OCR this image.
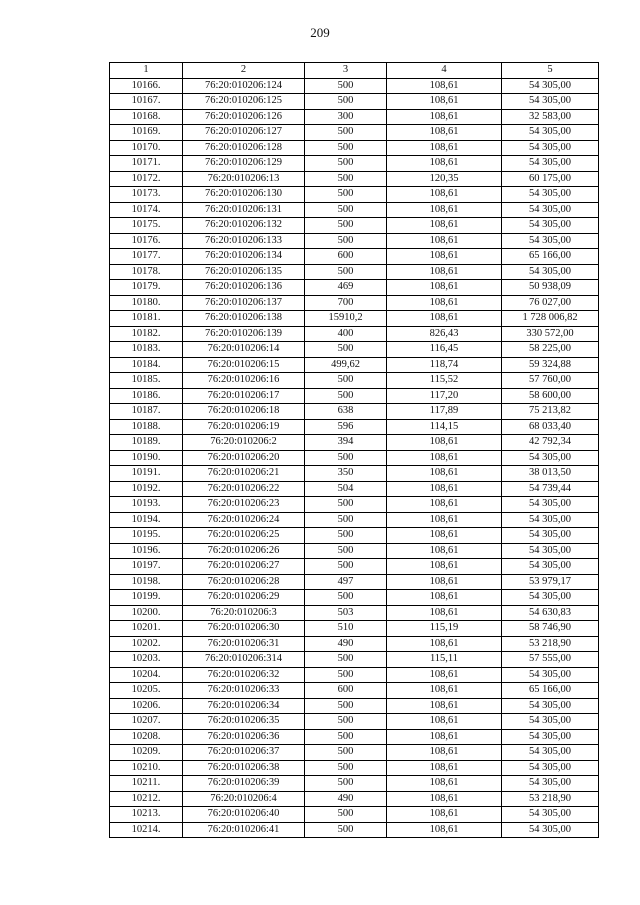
209
1	2	3	4	5
10166.	76:20:010206:124	500	108,61	54 305,00
10167.	76:20:010206:125	500	108,61	54 305,00
10168.	76:20:010206:126	300	108,61	32 583,00
10169.	76:20:010206:127	500	108,61	54 305,00
10170.	76:20:010206:128	500	108,61	54 305,00
10171.	76:20:010206:129	500	108,61	54 305,00
10172.	76:20:010206:13	500	120,35	60 175,00
10173.	76:20:010206:130	500	108,61	54 305,00
10174.	76:20:010206:131	500	108,61	54 305,00
10175.	76:20:010206:132	500	108,61	54 305,00
10176.	76:20:010206:133	500	108,61	54 305,00
10177.	76:20:010206:134	600	108,61	65 166,00
10178.	76:20:010206:135	500	108,61	54 305,00
10179.	76:20:010206:136	469	108,61	50 938,09
10180.	76:20:010206:137	700	108,61	76 027,00
10181.	76:20:010206:138	15910,2	108,61	1 728 006,82
10182.	76:20:010206:139	400	826,43	330 572,00
10183.	76:20:010206:14	500	116,45	58 225,00
10184.	76:20:010206:15	499,62	118,74	59 324,88
10185.	76:20:010206:16	500	115,52	57 760,00
10186.	76:20:010206:17	500	117,20	58 600,00
10187.	76:20:010206:18	638	117,89	75 213,82
10188.	76:20:010206:19	596	114,15	68 033,40
10189.	76:20:010206:2	394	108,61	42 792,34
10190.	76:20:010206:20	500	108,61	54 305,00
10191.	76:20:010206:21	350	108,61	38 013,50
10192.	76:20:010206:22	504	108,61	54 739,44
10193.	76:20:010206:23	500	108,61	54 305,00
10194.	76:20:010206:24	500	108,61	54 305,00
10195.	76:20:010206:25	500	108,61	54 305,00
10196.	76:20:010206:26	500	108,61	54 305,00
10197.	76:20:010206:27	500	108,61	54 305,00
10198.	76:20:010206:28	497	108,61	53 979,17
10199.	76:20:010206:29	500	108,61	54 305,00
10200.	76:20:010206:3	503	108,61	54 630,83
10201.	76:20:010206:30	510	115,19	58 746,90
10202.	76:20:010206:31	490	108,61	53 218,90
10203.	76:20:010206:314	500	115,11	57 555,00
10204.	76:20:010206:32	500	108,61	54 305,00
10205.	76:20:010206:33	600	108,61	65 166,00
10206.	76:20:010206:34	500	108,61	54 305,00
10207.	76:20:010206:35	500	108,61	54 305,00
10208.	76:20:010206:36	500	108,61	54 305,00
10209.	76:20:010206:37	500	108,61	54 305,00
10210.	76:20:010206:38	500	108,61	54 305,00
10211.	76:20:010206:39	500	108,61	54 305,00
10212.	76:20:010206:4	490	108,61	53 218,90
10213.	76:20:010206:40	500	108,61	54 305,00
10214.	76:20:010206:41	500	108,61	54 305,00
